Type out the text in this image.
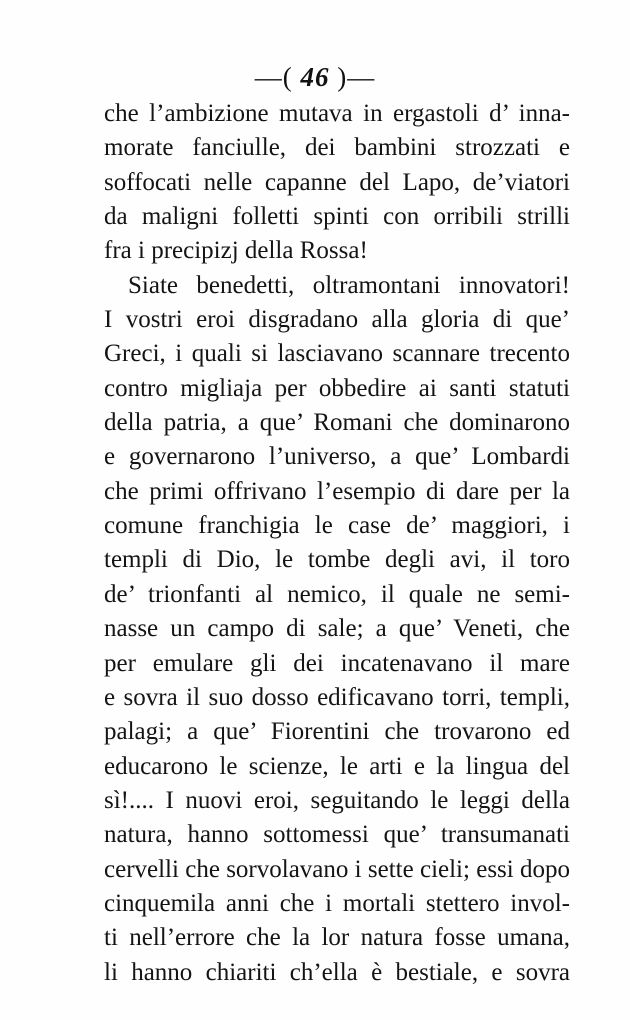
—( 46 )—
che l’ambizione mutava in ergastoli d’ inna-
morate fanciulle, dei bambini strozzati e
soffocati nelle capanne del Lapo, de’viatori
da maligni folletti spinti con orribili strilli
fra i precipizj della Rossa!
Siate benedetti, oltramontani innovatori!
I vostri eroi disgradano alla gloria di que’
Greci, i quali si lasciavano scannare trecento
contro migliaja per obbedire ai santi statuti
della patria, a que’ Romani che dominarono
e governarono l’universo, a que’ Lombardi
che primi offrivano l’esempio di dare per la
comune franchigia le case de’ maggiori, i
templi di Dio, le tombe degli avi, il toro
de’ trionfanti al nemico, il quale ne semi-
nasse un campo di sale; a que’ Veneti, che
per emulare gli dei incatenavano il mare
e sovra il suo dosso edificavano torri, templi,
palagi; a que’ Fiorentini che trovarono ed
educarono le scienze, le arti e la lingua del
sì!.... I nuovi eroi, seguitando le leggi della
natura, hanno sottomessi que’ transumanati
cervelli che sorvolavano i sette cieli; essi dopo
cinquemila anni che i mortali stettero invol-
ti nell’errore che la lor natura fosse umana,
li hanno chiariti ch’ella è bestiale, e sovra
